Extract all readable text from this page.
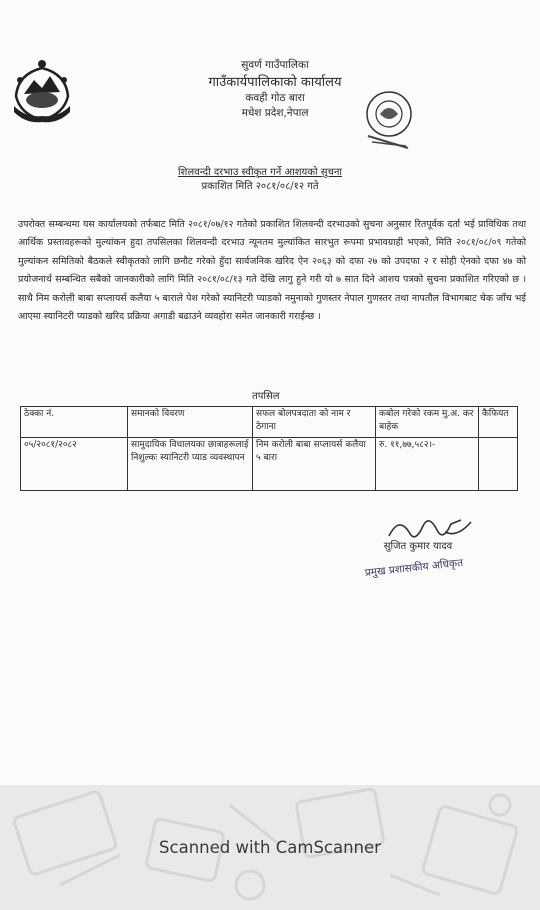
सुवर्ण गाउँपालिका
गाउँकार्यपालिकाको कार्यालय
कवही गोठ बारा
मधेश प्रदेश,नेपाल
शिलवन्दी दरभाउ स्वीकृत गर्ने आशयको सुचना
प्रकाशित मिति २०८१/०८/१२ गते
उपरोक्त सम्बन्धमा यस कार्यालयको तर्फबाट मिति २०८१/०७/१२ गतेको प्रकाशित शिलवन्दी दरभाउको सुचना अनुसार रितपूर्वक दर्ता भई प्राविधिक तथा आर्थिक प्रस्तावहरूको मुल्यांकन हुदा तपसिलका शिलवन्दी दरभाउ न्यूनतम मुल्यांकित सारभुत रूपमा प्रभावग्राही भएको, मिति २०८१/०८/०९ गतेको मुल्यांकन समितिको बैठकले स्वीकृतको लागि छनौट गरेको हुँदा सार्वजनिक खरिद ऐन २०६३ को दफा २७ को उपदफा २ र सोही ऐनको दफा ४७ को प्रयोजनार्थ सम्बन्धित सबैको जानकारीको लागि मिति २०८१/०८/१३ गते देखि लागु हुने गरी यो ७ सात दिने आशय पत्रको सुचना प्रकाशित गरिएको छ । साथै निम करोली बाबा सप्लायर्स कलैया ५ बाराले पेश गरेको स्यानिटरी प्याडको नमुनाको गुणस्तर नेपाल गुणस्तर तथा नापतौल विभागबाट चेक जाँच भई आएमा स्यानिटरी प्याडको खरिद प्रक्रिया अगाडी बढाउने व्यवहोरा समेत जानकारी गराईन्छ ।
तपसिल
ठेक्का नं.	समानको विवरण	सफल बोलपत्रदाता को नाम र ठेगाना	कबोल गरेको रकम मु.अ. कर बाहेक	कैफियत
०५/२०८१/२०८२	सामुदायिक विधालयका छात्राहरूलाई निशुल्कः स्यानिटरी प्याड व्यवस्थापन	निम करोली बाबा सप्लायर्स कलैया ५ बारा	रु. ११,७७,५८२।-	
सुजित कुमार यादव
प्रमुख प्रशासकीय अधिकृत
Scanned with CamScanner
